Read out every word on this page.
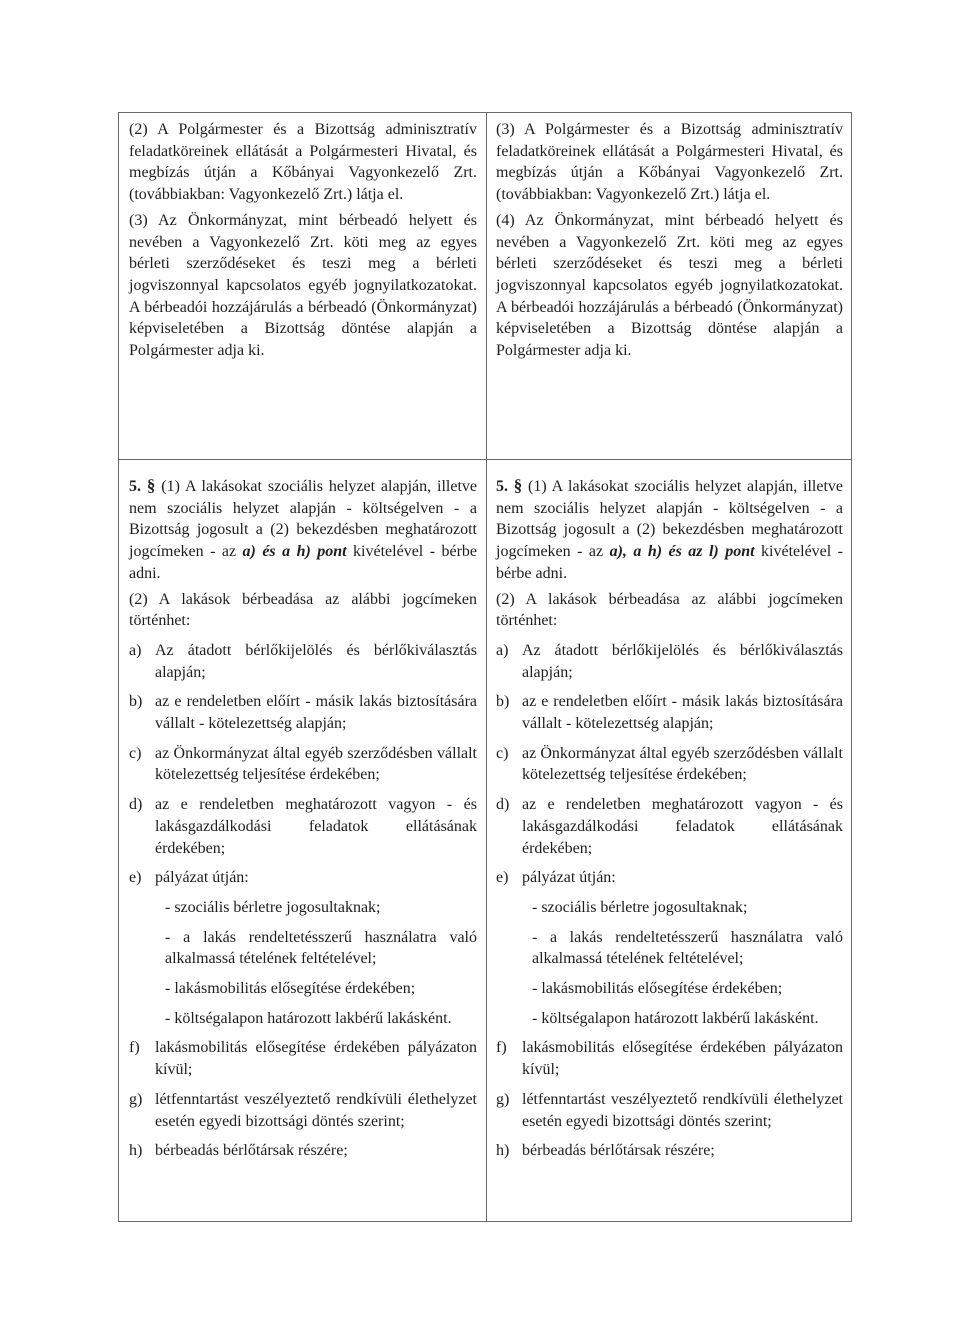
(2) A Polgármester és a Bizottság adminisztratív feladatköreinek ellátását a Polgármesteri Hivatal, és megbízás útján a Kőbányai Vagyonkezelő Zrt. (továbbiakban: Vagyonkezelő Zrt.) látja el.

(3) Az Önkormányzat, mint bérbeadó helyett és nevében a Vagyonkezelő Zrt. köti meg az egyes bérleti szerződéseket és teszi meg a bérleti jogviszonnyal kapcsolatos egyéb jognyilatkozatokat. A bérbeadói hozzájárulás a bérbeadó (Önkormányzat) képviseletében a Bizottság döntése alapján a Polgármester adja ki.

(3) A Polgármester és a Bizottság adminisztratív feladatköreinek ellátását a Polgármesteri Hivatal, és megbízás útján a Kőbányai Vagyonkezelő Zrt. (továbbiakban: Vagyonkezelő Zrt.) látja el.

(4) Az Önkormányzat, mint bérbeadó helyett és nevében a Vagyonkezelő Zrt. köti meg az egyes bérleti szerződéseket és teszi meg a bérleti jogviszonnyal kapcsolatos egyéb jognyilatkozatokat. A bérbeadói hozzájárulás a bérbeadó (Önkormányzat) képviseletében a Bizottság döntése alapján a Polgármester adja ki.

5. § (1) A lakásokat szociális helyzet alapján, illetve nem szociális helyzet alapján - költségelven - a Bizottság jogosult a (2) bekezdésben meghatározott jogcímeken - az a) és a h) pont kivételével - bérbe adni.

(2) A lakások bérbeadása az alábbi jogcímeken történhet:

a) Az átadott bérlőkijelölés és bérlőkiválasztás alapján;

b) az e rendeletben előírt - másik lakás biztosítására vállalt - kötelezettség alapján;

c) az Önkormányzat által egyéb szerződésben vállalt kötelezettség teljesítése érdekében;

d) az e rendeletben meghatározott vagyon - és lakásgazdálkodási feladatok ellátásának érdekében;

e) pályázat útján:

- szociális bérletre jogosultaknak;

- a lakás rendeltetésszerű használatra való alkalmassá tételének feltételével;

- lakásmobilitás elősegítése érdekében;

- költségalapon határozott lakbérű lakásként.

f) lakásmobilitás elősegítése érdekében pályázaton kívül;

g) létfenntartást veszélyeztető rendkívüli élethelyzet esetén egyedi bizottsági döntés szerint;

h) bérbeadás bérlőtársak részére;

5. § (1) A lakásokat szociális helyzet alapján, illetve nem szociális helyzet alapján - költségelven - a Bizottság jogosult a (2) bekezdésben meghatározott jogcímeken - az a), a h) és az l) pont kivételével - bérbe adni.

(2) A lakások bérbeadása az alábbi jogcímeken történhet:

a) Az átadott bérlőkijelölés és bérlőkiválasztás alapján;

b) az e rendeletben előírt - másik lakás biztosítására vállalt - kötelezettség alapján;

c) az Önkormányzat által egyéb szerződésben vállalt kötelezettség teljesítése érdekében;

d) az e rendeletben meghatározott vagyon - és lakásgazdálkodási feladatok ellátásának érdekében;

e) pályázat útján:

- szociális bérletre jogosultaknak;

- a lakás rendeltetésszerű használatra való alkalmassá tételének feltételével;

- lakásmobilitás elősegítése érdekében;

- költségalapon határozott lakbérű lakásként.

f) lakásmobilitás elősegítése érdekében pályázaton kívül;

g) létfenntartást veszélyeztető rendkívüli élethelyzet esetén egyedi bizottsági döntés szerint;

h) bérbeadás bérlőtársak részére;
